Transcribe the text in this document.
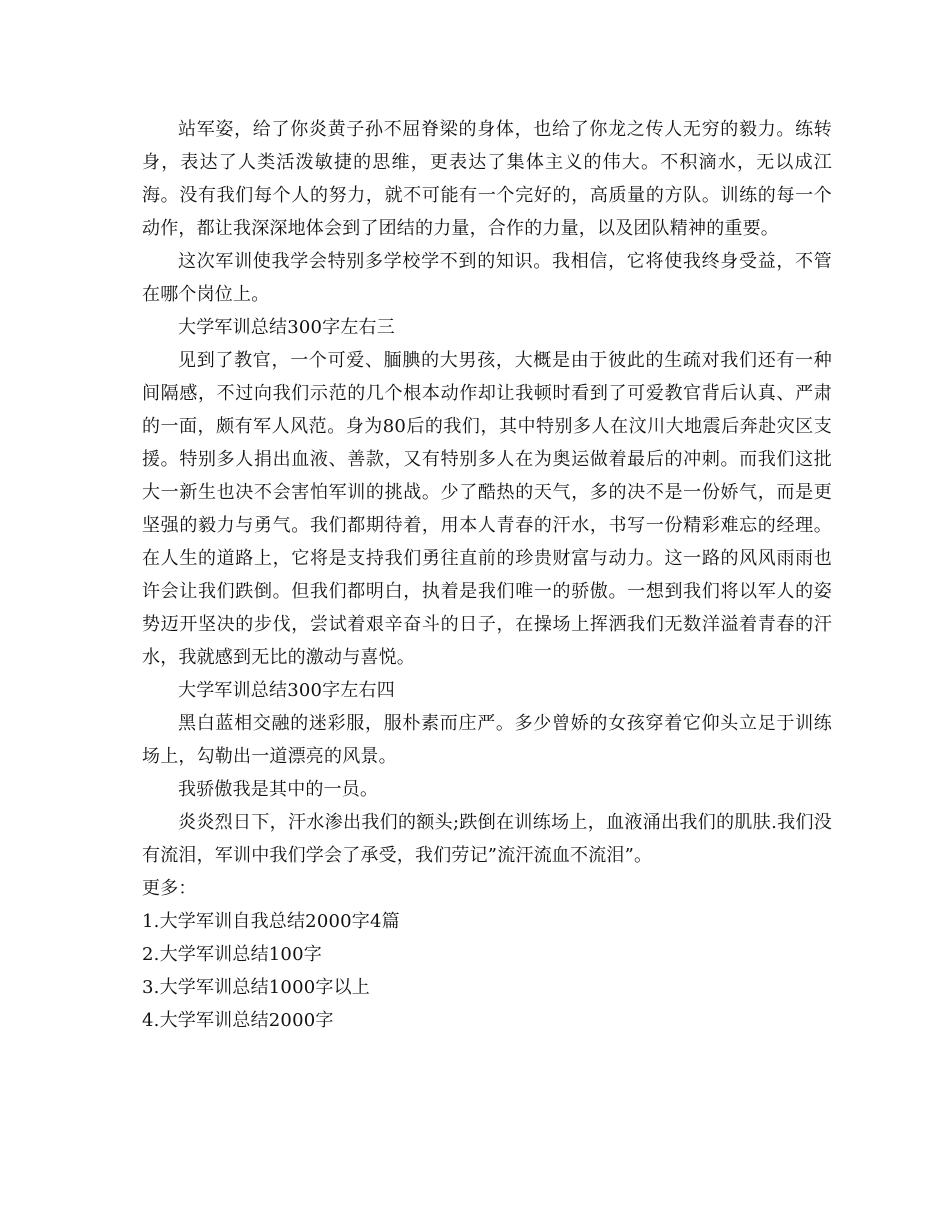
站军姿，给了你炎黄子孙不屈脊梁的身体，也给了你龙之传人无穷的毅力。练转身，表达了人类活泼敏捷的思维，更表达了集体主义的伟大。不积滴水，无以成江海。没有我们每个人的努力，就不可能有一个完好的，高质量的方队。训练的每一个动作，都让我深深地体会到了团结的力量，合作的力量，以及团队精神的重要。

这次军训使我学会特别多学校学不到的知识。我相信，它将使我终身受益，不管在哪个岗位上。

大学军训总结300字左右三

见到了教官，一个可爱、腼腆的大男孩，大概是由于彼此的生疏对我们还有一种间隔感，不过向我们示范的几个根本动作却让我顿时看到了可爱教官背后认真、严肃的一面，颇有军人风范。身为80后的我们，其中特别多人在汶川大地震后奔赴灾区支援。特别多人捐出血液、善款，又有特别多人在为奥运做着最后的冲刺。而我们这批大一新生也决不会害怕军训的挑战。少了酷热的天气，多的决不是一份娇气，而是更坚强的毅力与勇气。我们都期待着，用本人青春的汗水，书写一份精彩难忘的经理。在人生的道路上，它将是支持我们勇往直前的珍贵财富与动力。这一路的风风雨雨也许会让我们跌倒。但我们都明白，执着是我们唯一的骄傲。一想到我们将以军人的姿势迈开坚决的步伐，尝试着艰辛奋斗的日子，在操场上挥洒我们无数洋溢着青春的汗水，我就感到无比的激动与喜悦。

大学军训总结300字左右四

黑白蓝相交融的迷彩服，服朴素而庄严。多少曾娇的女孩穿着它仰头立足于训练场上，勾勒出一道漂亮的风景。

我骄傲我是其中的一员。

炎炎烈日下，汗水渗出我们的额头;跌倒在训练场上，血液涌出我们的肌肤.我们没有流泪，军训中我们学会了承受，我们劳记”流汗流血不流泪”。

更多：

1.大学军训自我总结2000字4篇
2.大学军训总结100字
3.大学军训总结1000字以上
4.大学军训总结2000字
